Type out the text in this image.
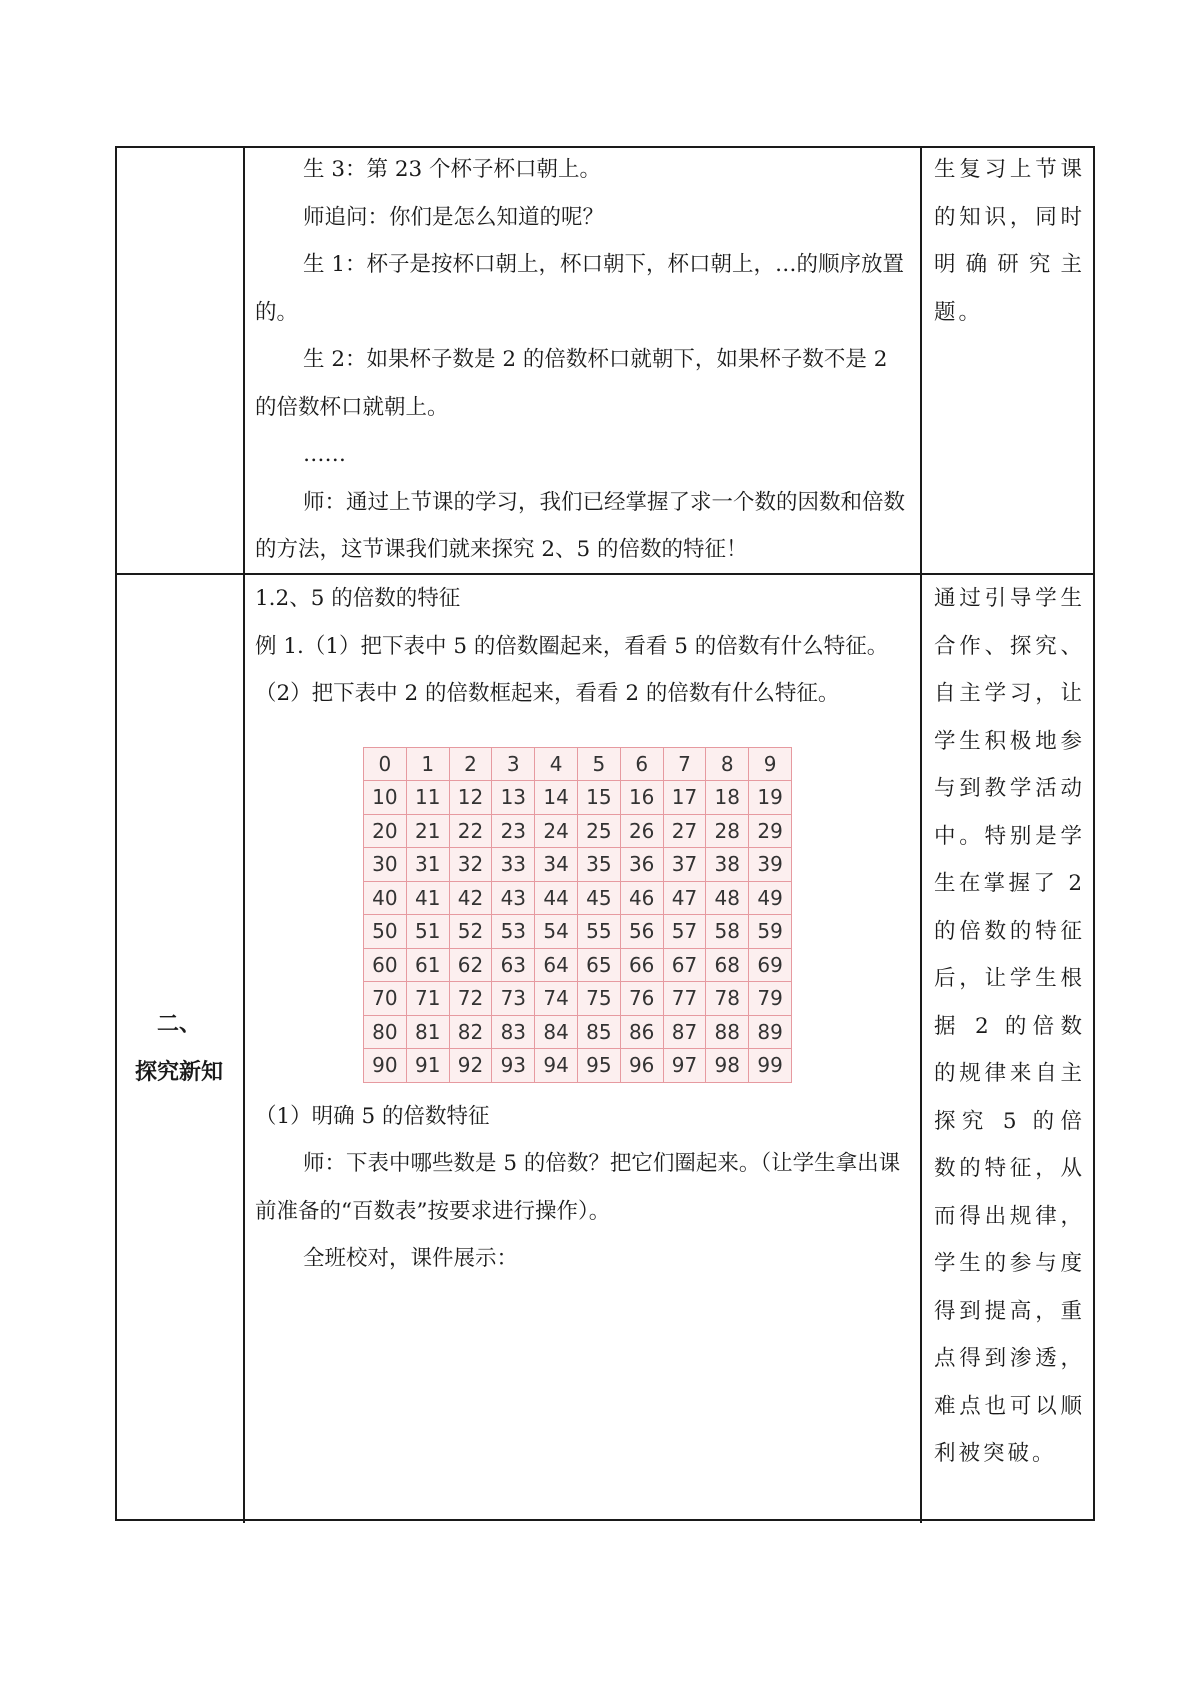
生 3：第 23 个杯子杯口朝上。

师追问：你们是怎么知道的呢？

生 1：杯子是按杯口朝上，杯口朝下，杯口朝上，…的顺序放置的。

生 2：如果杯子数是 2 的倍数杯口就朝下，如果杯子数不是 2 的倍数杯口就朝上。

……

师：通过上节课的学习，我们已经掌握了求一个数的因数和倍数的方法，这节课我们就来探究 2、5 的倍数的特征！

生复习上节课的知识，同时明确研究主题。

二、
探究新知

1.2、5 的倍数的特征

例 1.（1）把下表中 5 的倍数圈起来，看看 5 的倍数有什么特征。

（2）把下表中 2 的倍数框起来，看看 2 的倍数有什么特征。

0	1	2	3	4	5	6	7	8	9
10	11	12	13	14	15	16	17	18	19
20	21	22	23	24	25	26	27	28	29
30	31	32	33	34	35	36	37	38	39
40	41	42	43	44	45	46	47	48	49
50	51	52	53	54	55	56	57	58	59
60	61	62	63	64	65	66	67	68	69
70	71	72	73	74	75	76	77	78	79
80	81	82	83	84	85	86	87	88	89
90	91	92	93	94	95	96	97	98	99

（1）明确 5 的倍数特征

师：下表中哪些数是 5 的倍数？把它们圈起来。（让学生拿出课前准备的“百数表”按要求进行操作）。

全班校对，课件展示：

通过引导学生合作、探究、自主学习，让学生积极地参与到教学活动中。特别是学生在掌握了 2 的倍数的特征后，让学生根据 2 的倍数的规律来自主探究 5 的倍数的特征，从而得出规律，学生的参与度得到提高，重点得到渗透，难点也可以顺利被突破。
